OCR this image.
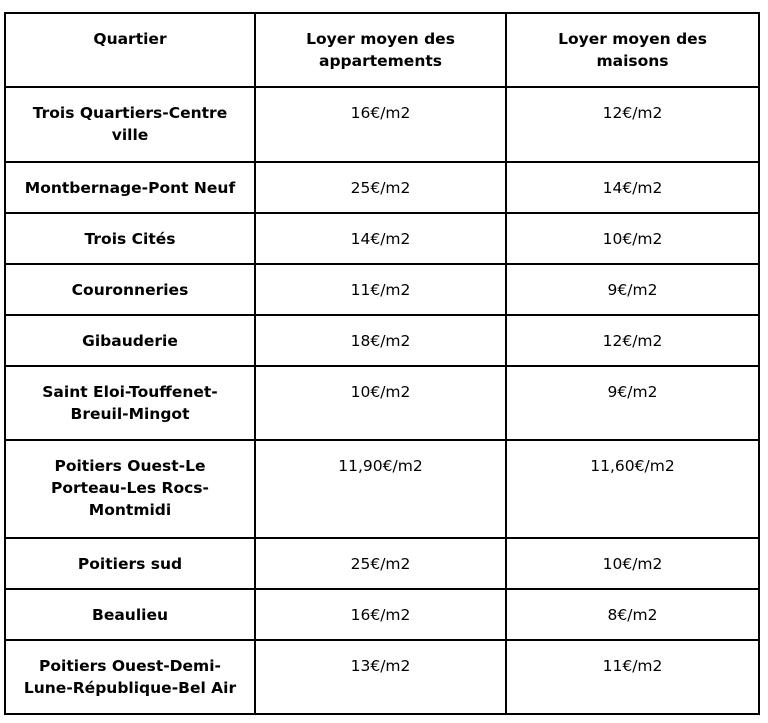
Quartier	Loyer moyen des appartements	Loyer moyen des maisons
Trois Quartiers-Centre ville	16€/m2	12€/m2
Montbernage-Pont Neuf	25€/m2	14€/m2
Trois Cités	14€/m2	10€/m2
Couronneries	11€/m2	9€/m2
Gibauderie	18€/m2	12€/m2
Saint Eloi-Touffenet-Breuil-Mingot	10€/m2	9€/m2
Poitiers Ouest-Le Porteau-Les Rocs-Montmidi	11,90€/m2	11,60€/m2
Poitiers sud	25€/m2	10€/m2
Beaulieu	16€/m2	8€/m2
Poitiers Ouest-Demi-Lune-République-Bel Air	13€/m2	11€/m2
